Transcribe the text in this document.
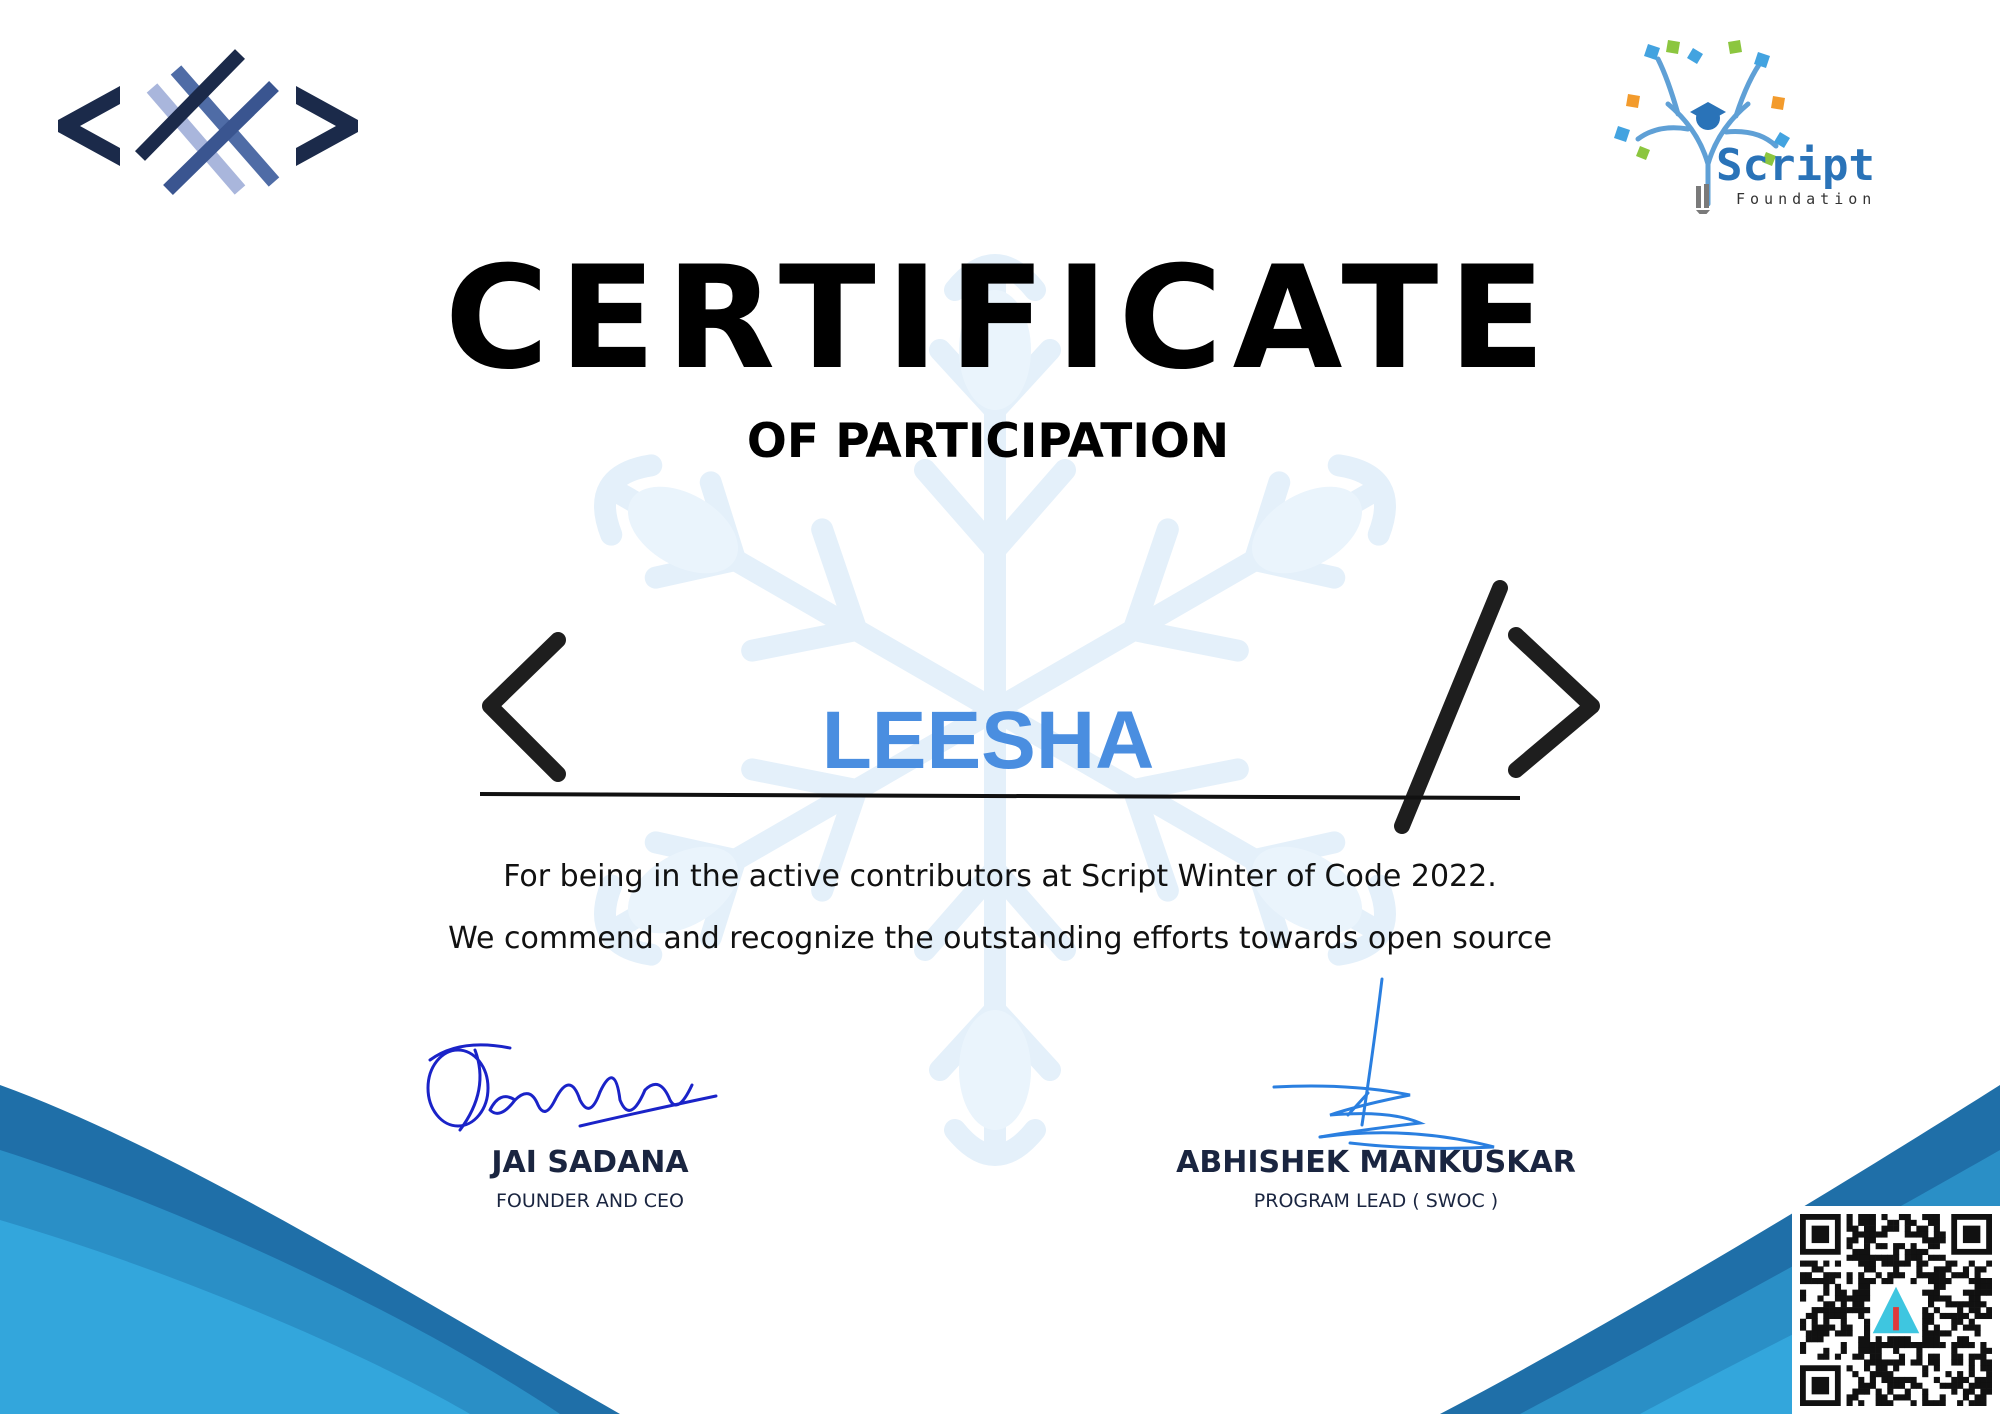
Script
Foundation
CERTIFICATE
OF PARTICIPATION
LEESHA
For being in the active contributors at Script Winter of Code 2022.
We commend and recognize the outstanding efforts towards open source
JAI SADANA
FOUNDER AND CEO
ABHISHEK MANKUSKAR
PROGRAM LEAD ( SWOC )
